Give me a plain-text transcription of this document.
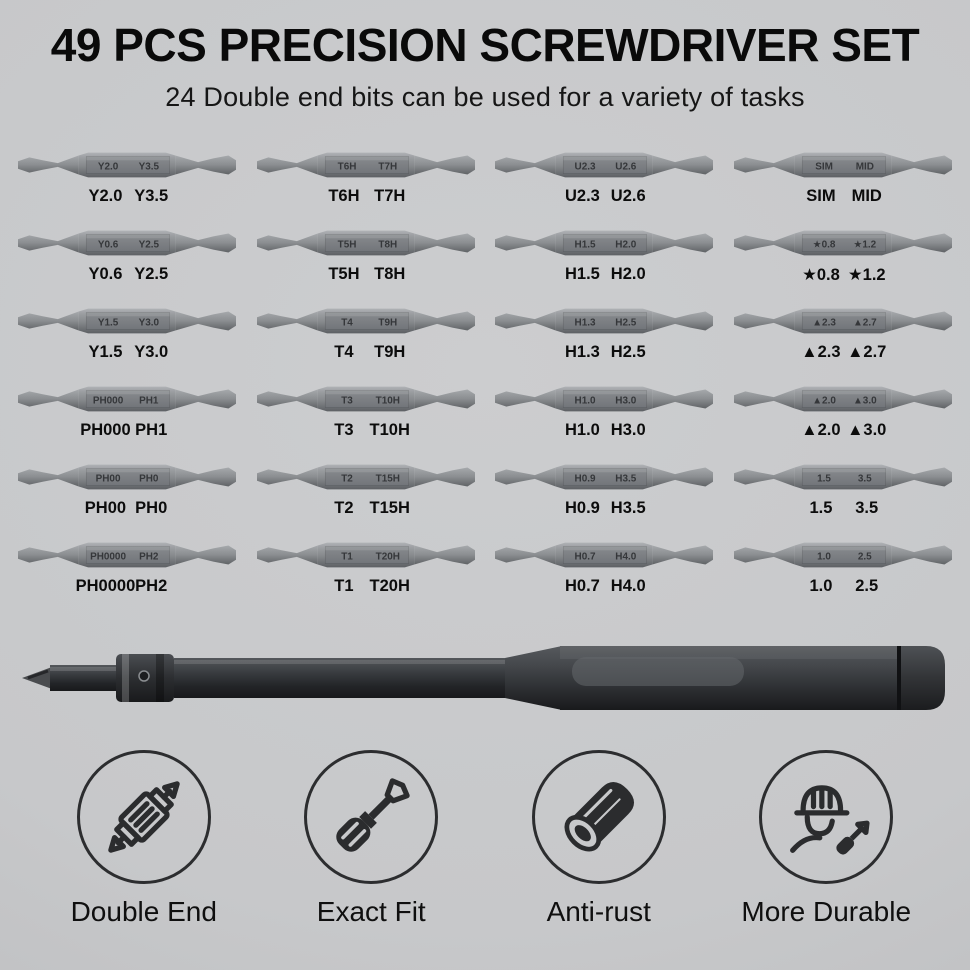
49 PCS PRECISION SCREWDRIVER SET

24 Double end bits can be used for a variety of tasks

Y2.0 Y3.5
Y2.0 Y3.5
T6H T7H
T6H T7H
U2.3 U2.6
U2.3 U2.6
SIM MID
SIM MID
Y0.6 Y2.5
Y0.6 Y2.5
T5H T8H
T5H T8H
H1.5 H2.0
H1.5 H2.0
★0.8 ★1.2
★0.8 ★1.2
Y1.5 Y3.0
Y1.5 Y3.0
T4 T9H
T4 T9H
H1.3 H2.5
H1.3 H2.5
▲2.3 ▲2.7
▲2.3 ▲2.7
PH000 PH1
PH000 PH1
T3 T10H
T3 T10H
H1.0 H3.0
H1.0 H3.0
▲2.0 ▲3.0
▲2.0 ▲3.0
PH00 PH0
PH00 PH0
T2 T15H
T2 T15H
H0.9 H3.5
H0.9 H3.5
1.5	3.5
1.5 3.5
PH0000 PH2
PH0000 PH2
T1 T20H
T1 T20H
H0.7 H4.0
H0.7 H4.0
1.0	2.5
1.0 2.5
Double End	Exact Fit	Anti-rust	More Durable
